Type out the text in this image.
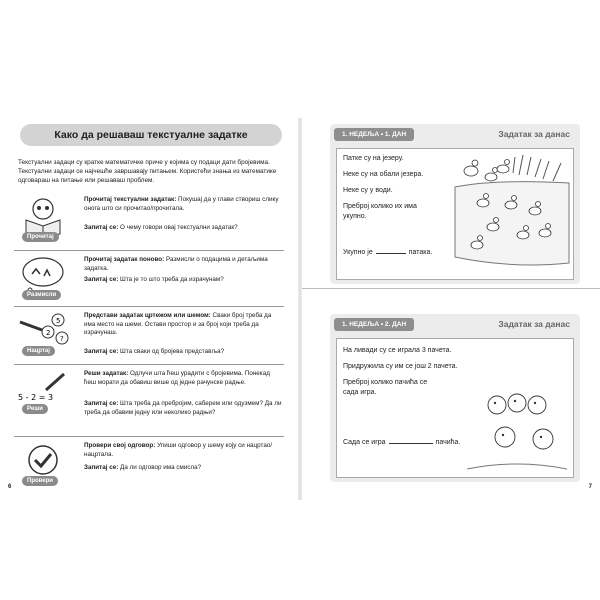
Како да решаваш текстуалне задатке
Текстуални задаци су кратке математичке приче у којима су подаци дати бројевима.
Текстуални задаци се најчешће завршавају питањем. Користећи знања из математике одговараш на питање или решаваш проблем.
Прочитај
Прочитај текстуални задатак: Покушај да у глави створиш слику онога што си прочитао/прочитала.
Запитај се: О чему говори овај текстуални задатак?
Размисли
Прочитај задатак поново: Размисли о подацима и детаљима задатка.
Запитај се: Шта је то што треба да израчунам?
5
2
?
Нацртај
Представи задатак цртежом или шемом: Сваки број треба да има место на шеми. Остави простор и за број који треба да израчунаш.
Запитај се: Шта сваки од бројева представља?
5 - 2 = 3
Реши
Реши задатак: Одлучи шта ћеш урадити с бројевима. Понекад ћеш морати да обавиш више од једне рачунске радње.
Запитај се: Шта треба да пребројим, саберем или одузмем? Да ли треба да обавим једну или неколико радњи?
Провери
Провери свој одговор: Упиши одговор у шему коју си нацртао/нацртала.
Запитај се: Да ли одговор има смисла?
6
1. НЕДЕЉА • 1. ДАН	Задатак за данас
Патке су на језеру.
Неке су на обали језера.
Неке су у води.
Преброј колико их има
укупно.
Укупно је	патака.
1. НЕДЕЉА • 2. ДАН	Задатак за данас
На ливади су се играла 3 пачета.
Придружила су им се још 2 пачета.
Преброј колико пачића се
сада игра.
Сада се игра	пачића.
7
